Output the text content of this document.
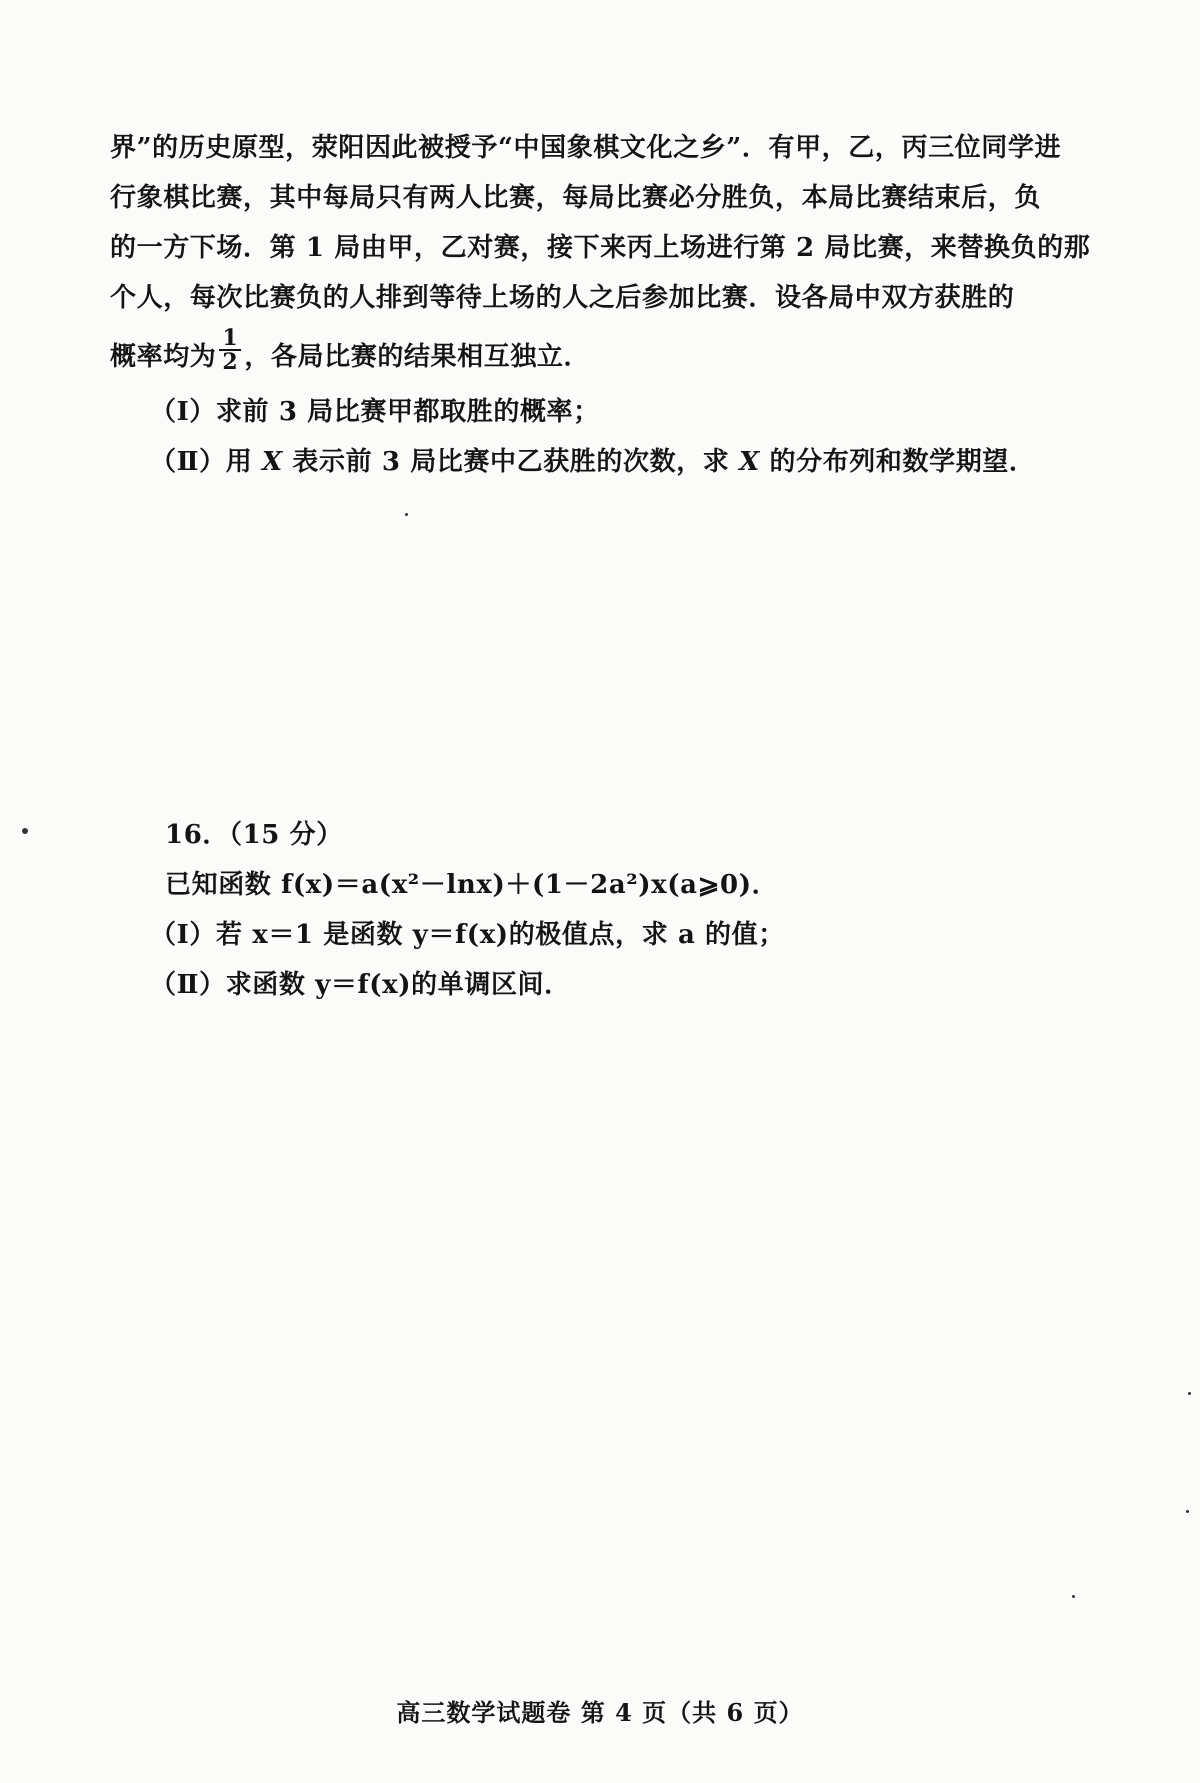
界”的历史原型，荥阳因此被授予“中国象棋文化之乡”．有甲，乙，丙三位同学进
行象棋比赛，其中每局只有两人比赛，每局比赛必分胜负，本局比赛结束后，负
的一方下场．第 1 局由甲，乙对赛，接下来丙上场进行第 2 局比赛，来替换负的那
个人，每次比赛负的人排到等待上场的人之后参加比赛．设各局中双方获胜的
概率均为 $\frac{1}{2}$ ，各局比赛的结果相互独立．
（Ⅰ）求前 3 局比赛甲都取胜的概率；
（Ⅱ）用 X 表示前 3 局比赛中乙获胜的次数，求 X 的分布列和数学期望．
16．（15 分）
已知函数 f(x)＝a(x²－lnx)＋(1－2a²)x(a⩾0)．
（Ⅰ）若 x＝1 是函数 y＝f(x)的极值点，求 a 的值；
（Ⅱ）求函数 y＝f(x)的单调区间．
高三数学试题卷 第 4 页（共 6 页）
